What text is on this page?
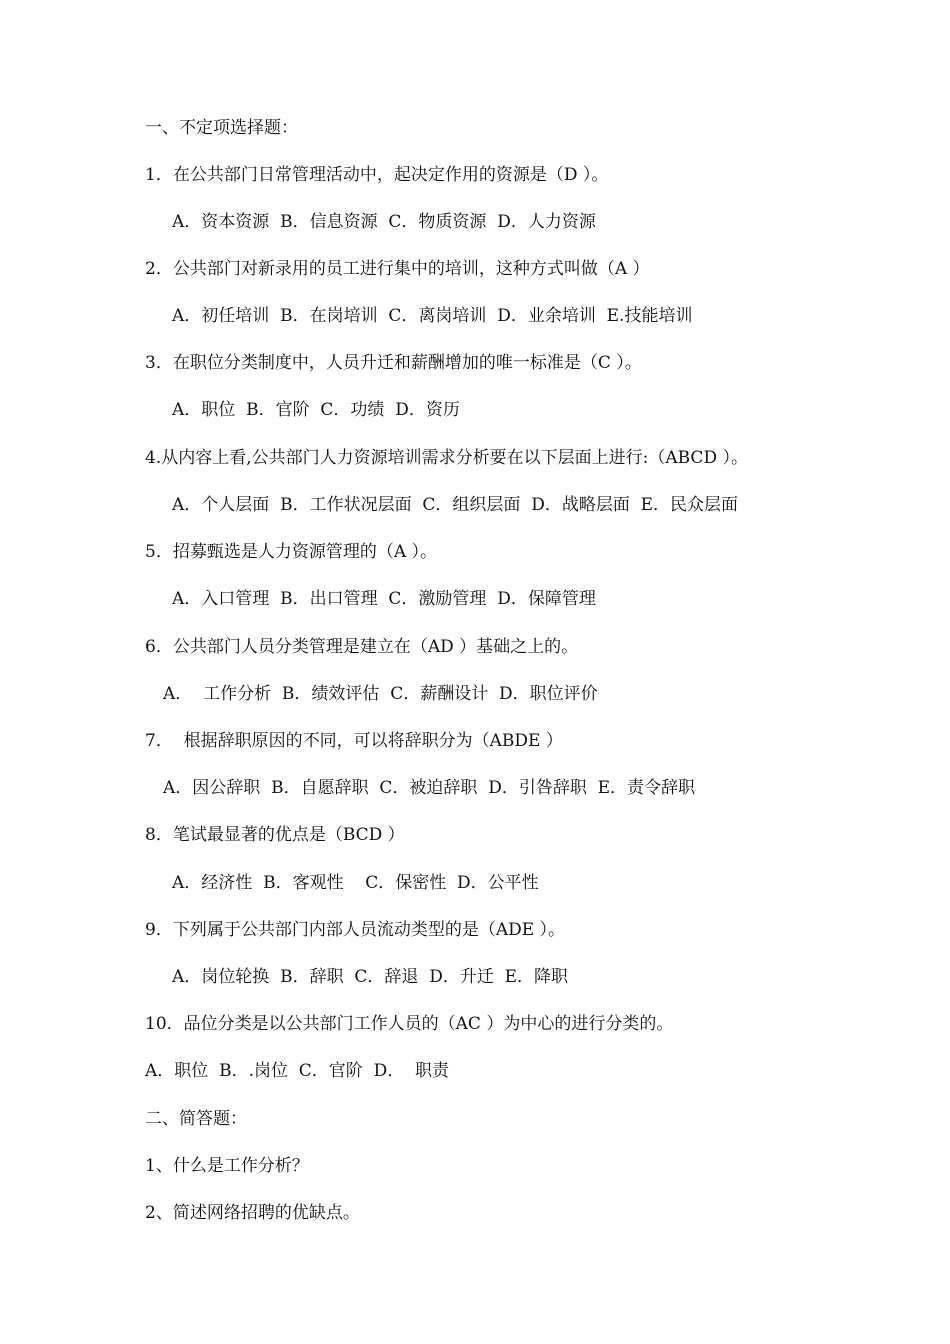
一、不定项选择题：

1．在公共部门日常管理活动中，起决定作用的资源是（D ）。

A．资本资源  B．信息资源  C．物质资源  D．人力资源

2．公共部门对新录用的员工进行集中的培训，这种方式叫做（A ）

A．初任培训  B．在岗培训  C．离岗培训  D．业余培训  E.技能培训

3．在职位分类制度中，人员升迁和薪酬增加的唯一标准是（C ）。

A．职位  B．官阶  C．功绩  D．资历

4.从内容上看,公共部门人力资源培训需求分析要在以下层面上进行:（ABCD ）。

A．个人层面  B．工作状况层面  C．组织层面  D．战略层面  E．民众层面

5．招募甄选是人力资源管理的（A ）。

A．入口管理  B．出口管理  C．激励管理  D．保障管理

6．公共部门人员分类管理是建立在（AD ）基础之上的。

A．  工作分析  B．绩效评估  C．薪酬设计  D．职位评价

7．  根据辞职原因的不同，可以将辞职分为（ABDE ）

A．因公辞职  B．自愿辞职  C．被迫辞职  D．引咎辞职  E．责令辞职

8．笔试最显著的优点是（BCD ）

A．经济性  B．客观性    C．保密性  D．公平性

9．下列属于公共部门内部人员流动类型的是（ADE ）。

A．岗位轮换  B．辞职  C．辞退  D．升迁  E．降职

10．品位分类是以公共部门工作人员的（AC ）为中心的进行分类的。

A．职位  B．.岗位  C．官阶  D．  职责

二、简答题：

1、什么是工作分析？

2、简述网络招聘的优缺点。
